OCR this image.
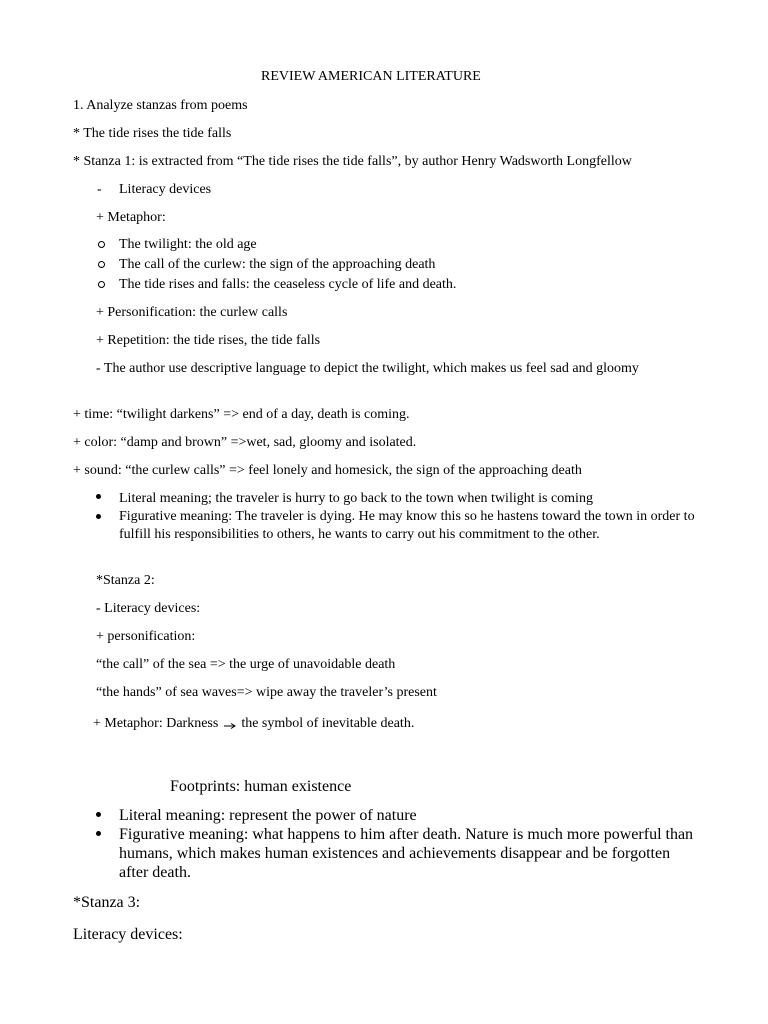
REVIEW AMERICAN LITERATURE

1. Analyze stanzas from poems

* The tide rises the tide falls

* Stanza 1: is extracted from “The tide rises the tide falls”, by author Henry Wadsworth Longfellow

- Literacy devices

+ Metaphor:

The twilight: the old age

The call of the curlew: the sign of the approaching death

The tide rises and falls: the ceaseless cycle of life and death.

+ Personification: the curlew calls

+ Repetition: the tide rises, the tide falls

- The author use descriptive language to depict the twilight, which makes us feel sad and gloomy

+ time: “twilight darkens” => end of a day, death is coming.

+ color: “damp and brown” =>wet, sad, gloomy and isolated.

+ sound: “the curlew calls” => feel lonely and homesick, the sign of the approaching death

Literal meaning; the traveler is hurry to go back to the town when twilight is coming

Figurative meaning: The traveler is dying. He may know this so he hastens toward the town in order to fulfill his responsibilities to others, he wants to carry out his commitment to the other.

*Stanza 2:

- Literacy devices:

+ personification:

“the call” of the sea => the urge of unavoidable death

“the hands” of sea waves=> wipe away the traveler’s present

+ Metaphor: Darkness the symbol of inevitable death.

Footprints: human existence

Literal meaning: represent the power of nature

Figurative meaning: what happens to him after death. Nature is much more powerful than humans, which makes human existences and achievements disappear and be forgotten after death.

*Stanza 3:

Literacy devices:
